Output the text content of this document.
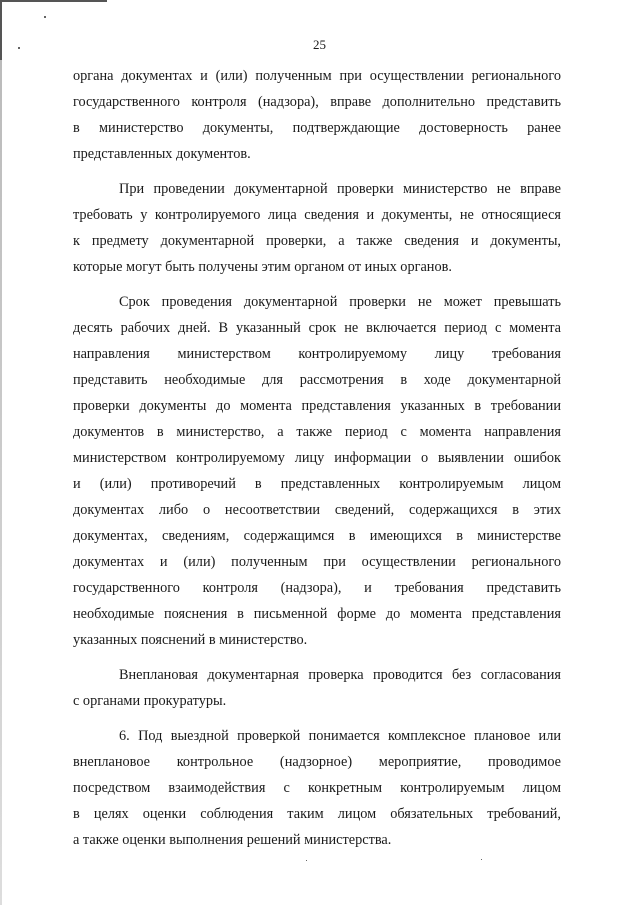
25
органа документах и (или) полученным при осуществлении регионального
государственного контроля (надзора), вправе дополнительно представить
в министерство документы, подтверждающие достоверность ранее
представленных документов.
При проведении документарной проверки министерство не вправе
требовать у контролируемого лица сведения и документы, не относящиеся
к предмету документарной проверки, а также сведения и документы,
которые могут быть получены этим органом от иных органов.
Срок проведения документарной проверки не может превышать
десять рабочих дней. В указанный срок не включается период с момента
направления министерством контролируемому лицу требования
представить необходимые для рассмотрения в ходе документарной
проверки документы до момента представления указанных в требовании
документов в министерство, а также период с момента направления
министерством контролируемому лицу информации о выявлении ошибок
и (или) противоречий в представленных контролируемым лицом
документах либо о несоответствии сведений, содержащихся в этих
документах, сведениям, содержащимся в имеющихся в министерстве
документах и (или) полученным при осуществлении регионального
государственного контроля (надзора), и требования представить
необходимые пояснения в письменной форме до момента представления
указанных пояснений в министерство.
Внеплановая документарная проверка проводится без согласования
с органами прокуратуры.
6. Под выездной проверкой понимается комплексное плановое или
внеплановое контрольное (надзорное) мероприятие, проводимое
посредством взаимодействия с конкретным контролируемым лицом
в целях оценки соблюдения таким лицом обязательных требований,
а также оценки выполнения решений министерства.
